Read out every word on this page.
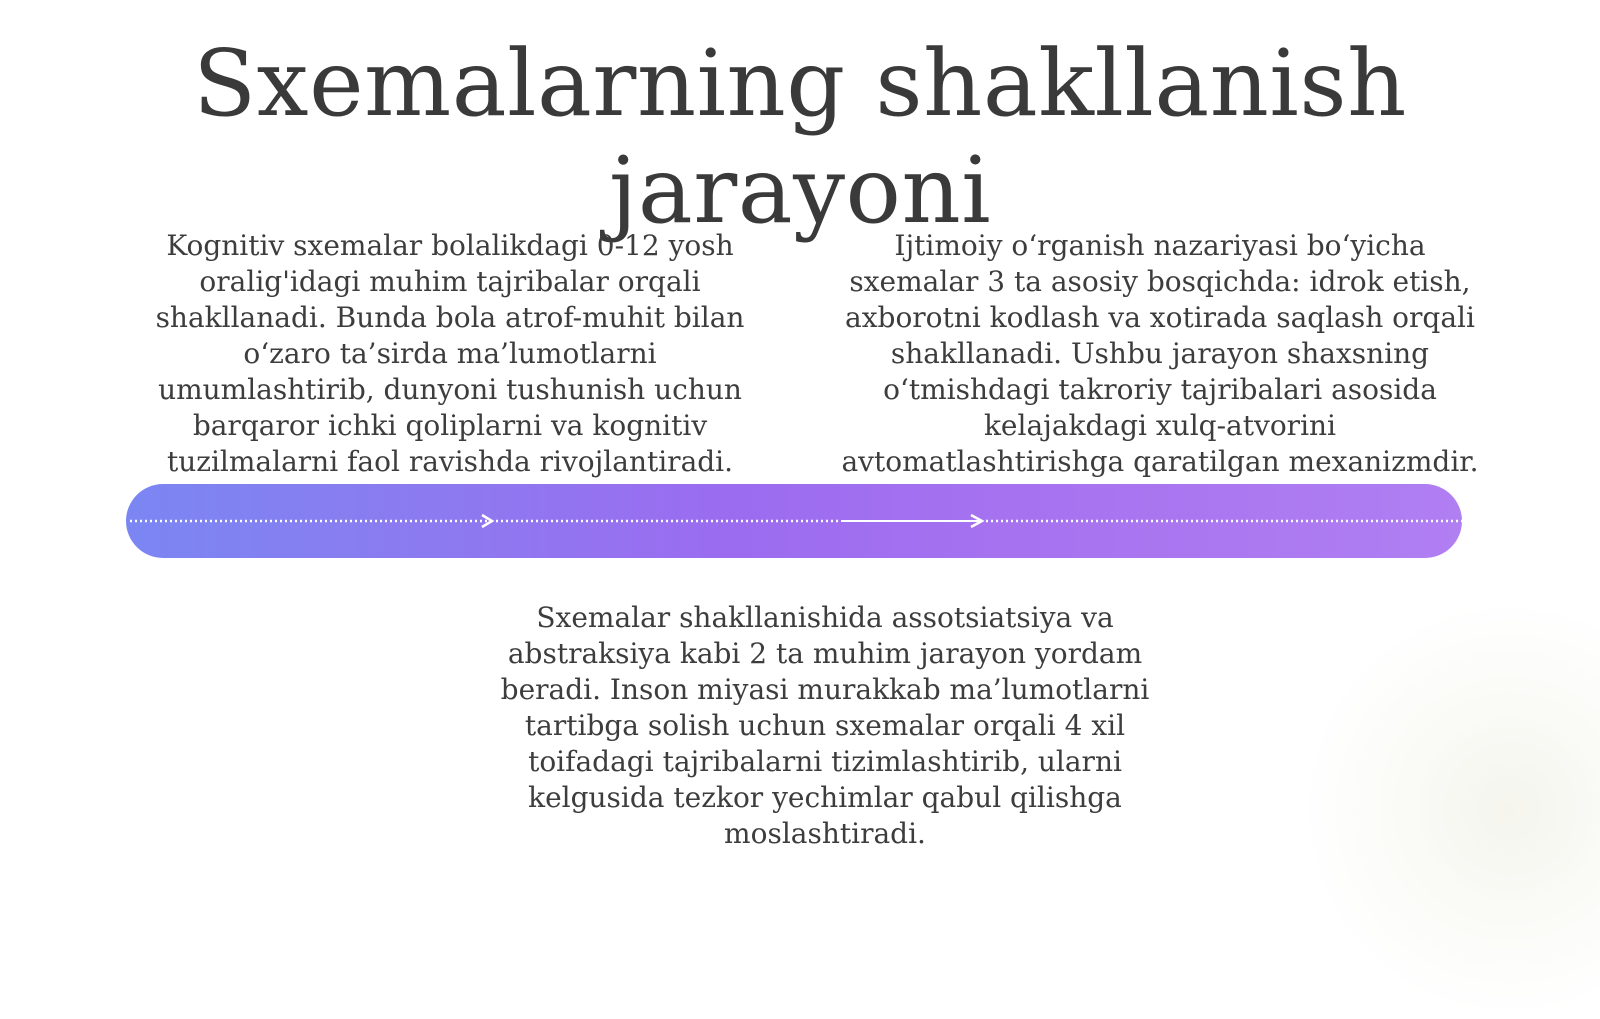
Sxemalarning shakllanish jarayoni
Kognitiv sxemalar bolalikdagi 0-12 yosh oralig'idagi muhim tajribalar orqali shakllanadi. Bunda bola atrof-muhit bilan o‘zaro ta’sirda ma’lumotlarni umumlashtirib, dunyoni tushunish uchun barqaror ichki qoliplarni va kognitiv tuzilmalarni faol ravishda rivojlantiradi.
Ijtimoiy o‘rganish nazariyasi bo‘yicha sxemalar 3 ta asosiy bosqichda: idrok etish, axborotni kodlash va xotirada saqlash orqali shakllanadi. Ushbu jarayon shaxsning o‘tmishdagi takroriy tajribalari asosida kelajakdagi xulq-atvorini avtomatlashtirishga qaratilgan mexanizmdir.
Sxemalar shakllanishida assotsiatsiya va abstraksiya kabi 2 ta muhim jarayon yordam beradi. Inson miyasi murakkab ma’lumotlarni tartibga solish uchun sxemalar orqali 4 xil toifadagi tajribalarni tizimlashtirib, ularni kelgusida tezkor yechimlar qabul qilishga moslashtiradi.
